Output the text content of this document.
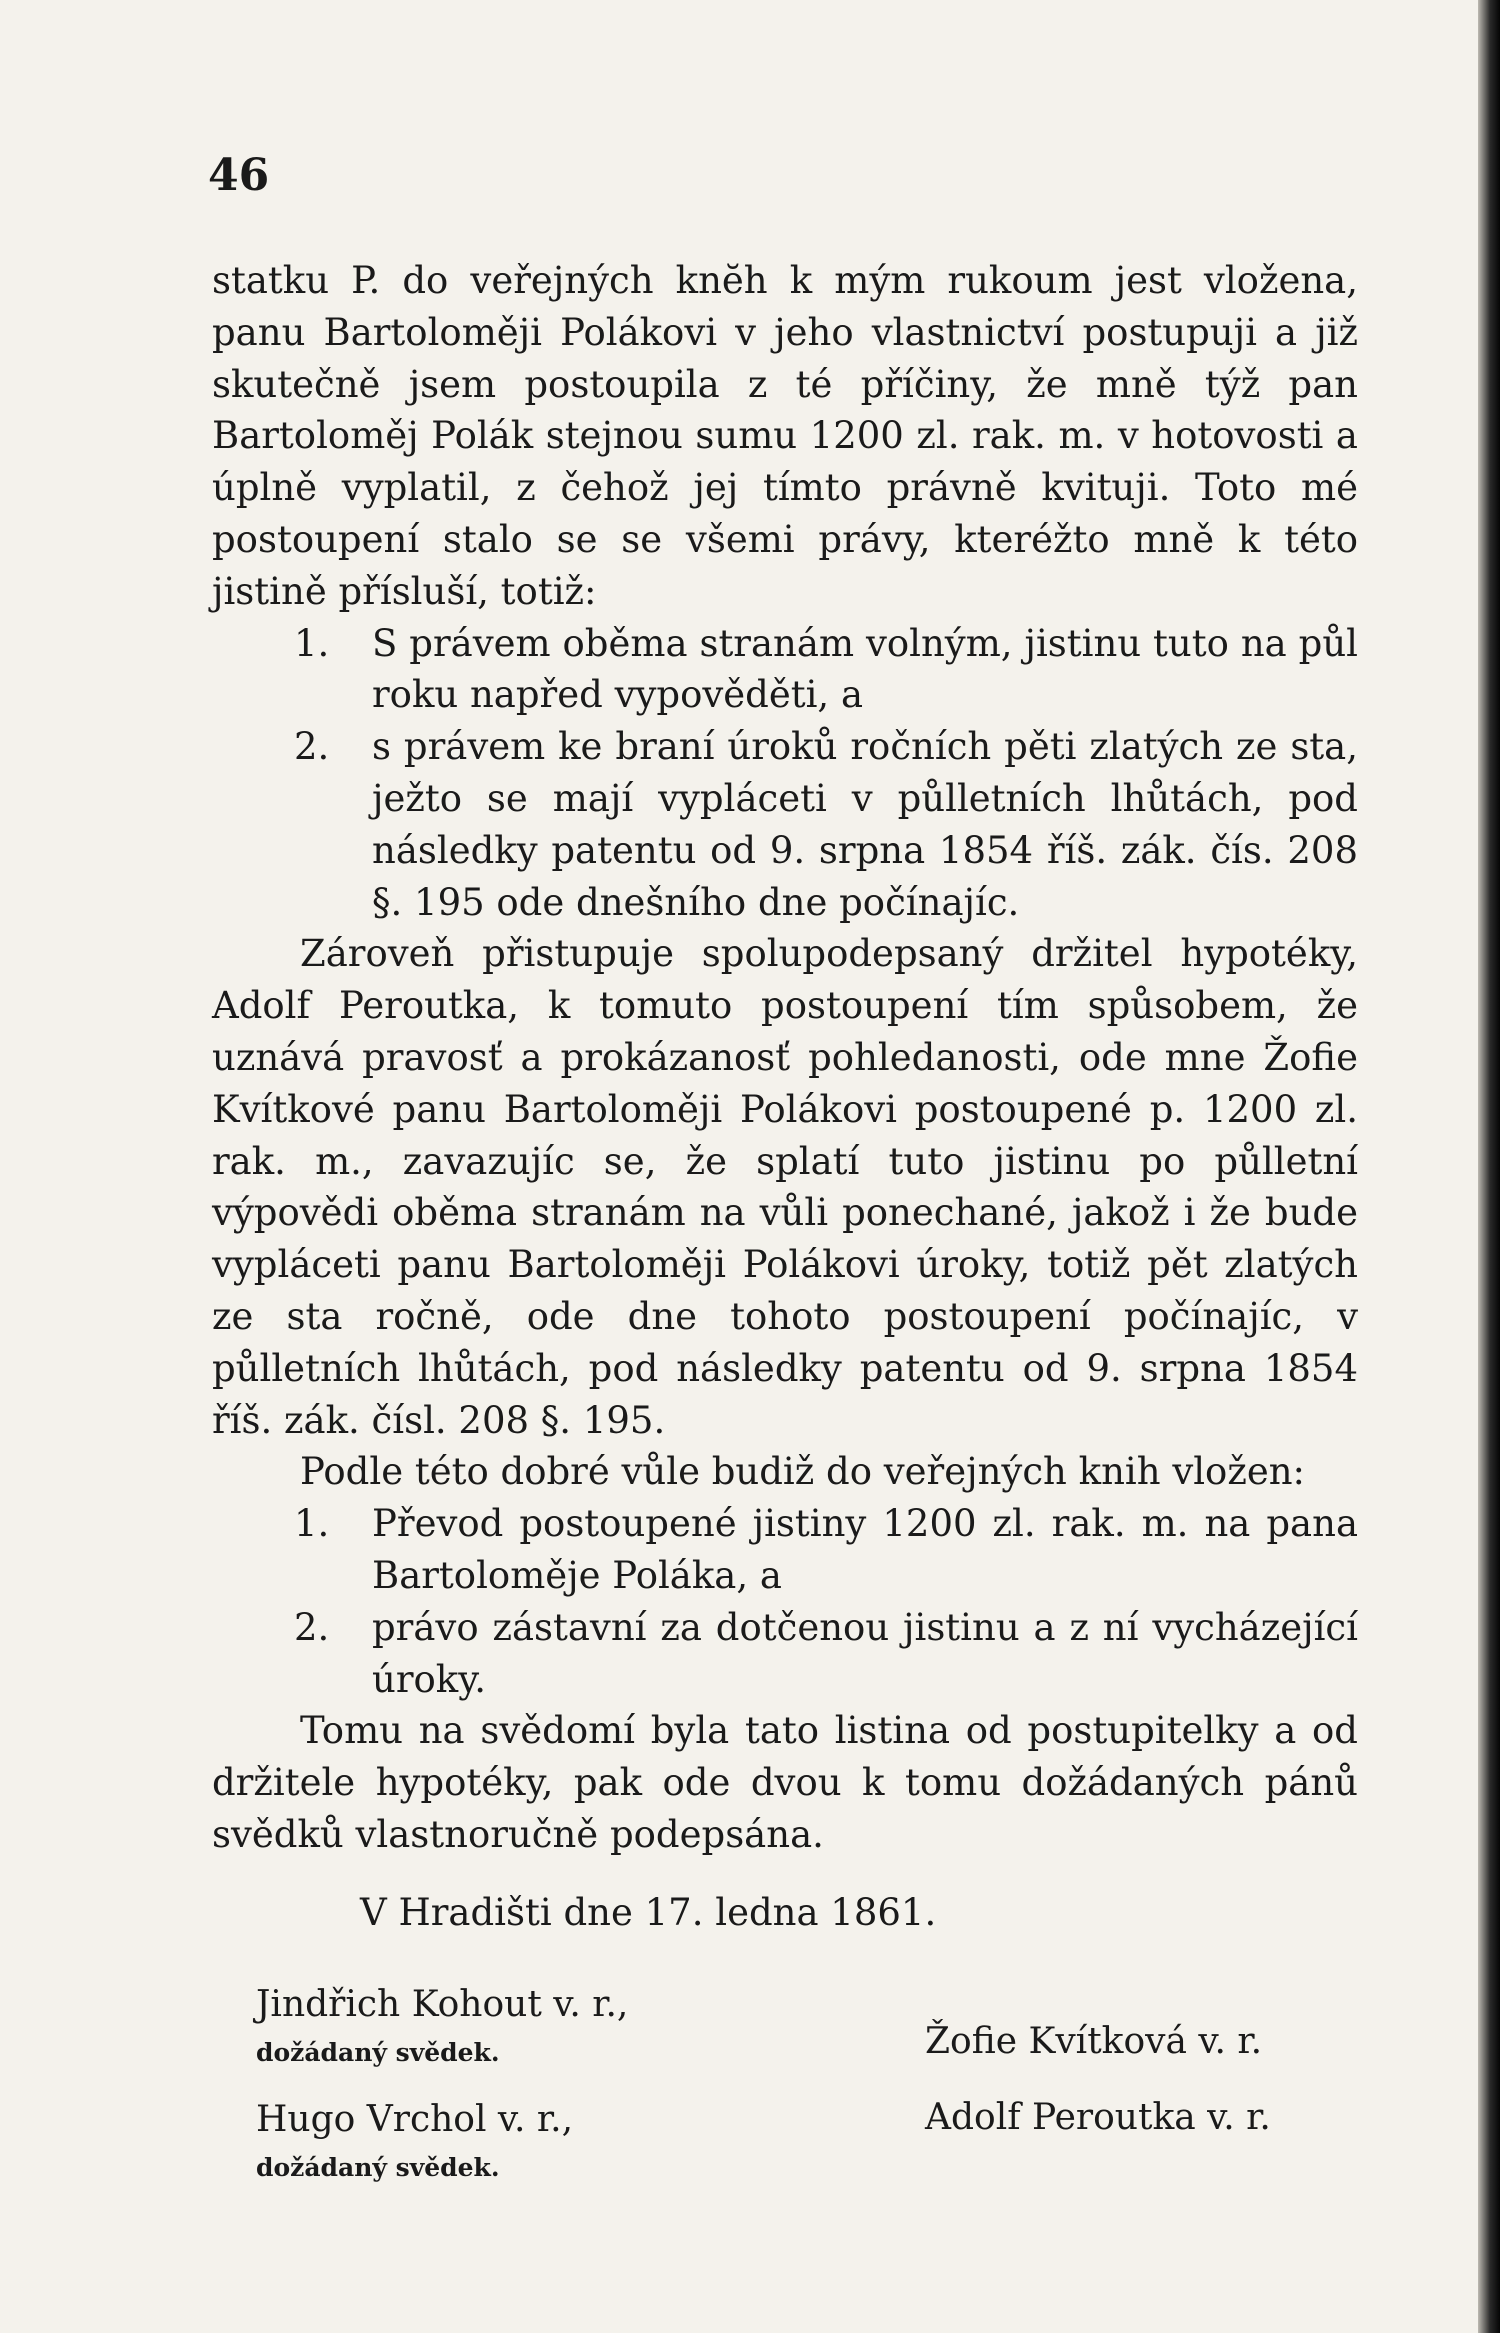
46

statku P. do veřejných knĕh k mým rukoum jest vložena, panu Bartoloměji Polákovi v jeho vlastnictví postupuji a již skutečně jsem postoupila z té příčiny, že mně týž pan Bartoloměj Polák stejnou sumu 1200 zl. rak. m. v hotovosti a úplně vyplatil, z čehož jej tímto právně kvituji. Toto mé postoupení stalo se se všemi právy, kteréžto mně k této jistině přísluší, totiž:

1. S právem oběma stranám volným, jistinu tuto na půl roku napřed vypověděti, a
2. s právem ke braní úroků ročních pěti zlatých ze sta, ježto se mají vypláceti v půlletních lhůtách, pod následky patentu od 9. srpna 1854 říš. zák. čís. 208 §. 195 ode dnešního dne počínajíc.

Zároveň přistupuje spolupodepsaný držitel hypotéky, Adolf Peroutka, k tomuto postoupení tím spůsobem, že uznává pravosť a prokázanosť pohledanosti, ode mne Žofie Kvítkové panu Bartoloměji Polákovi postoupené p. 1200 zl. rak. m., zavazujíc se, že splatí tuto jistinu po půlletní výpovědi oběma stranám na vůli ponechané, jakož i že bude vypláceti panu Bartoloměji Polákovi úroky, totiž pět zlatých ze sta ročně, ode dne tohoto postoupení počínajíc, v půlletních lhůtách, pod následky patentu od 9. srpna 1854 říš. zák. čísl. 208 §. 195.

Podle této dobré vůle budiž do veřejných knih vložen:

1. Převod postoupené jistiny 1200 zl. rak. m. na pana Bartoloměje Poláka, a
2. právo zástavní za dotčenou jistinu a z ní vycházející úroky.

Tomu na svědomí byla tato listina od postupitelky a od držitele hypotéky, pak ode dvou k tomu dožádaných pánů svědků vlastnoručně podepsána.

V Hradišti dne 17. ledna 1861.

Jindřich Kohout v. r.,
dožádaný svědek.
Hugo Vrchol v. r.,
dožádaný svědek.
Žofie Kvítková v. r.
Adolf Peroutka v. r.
